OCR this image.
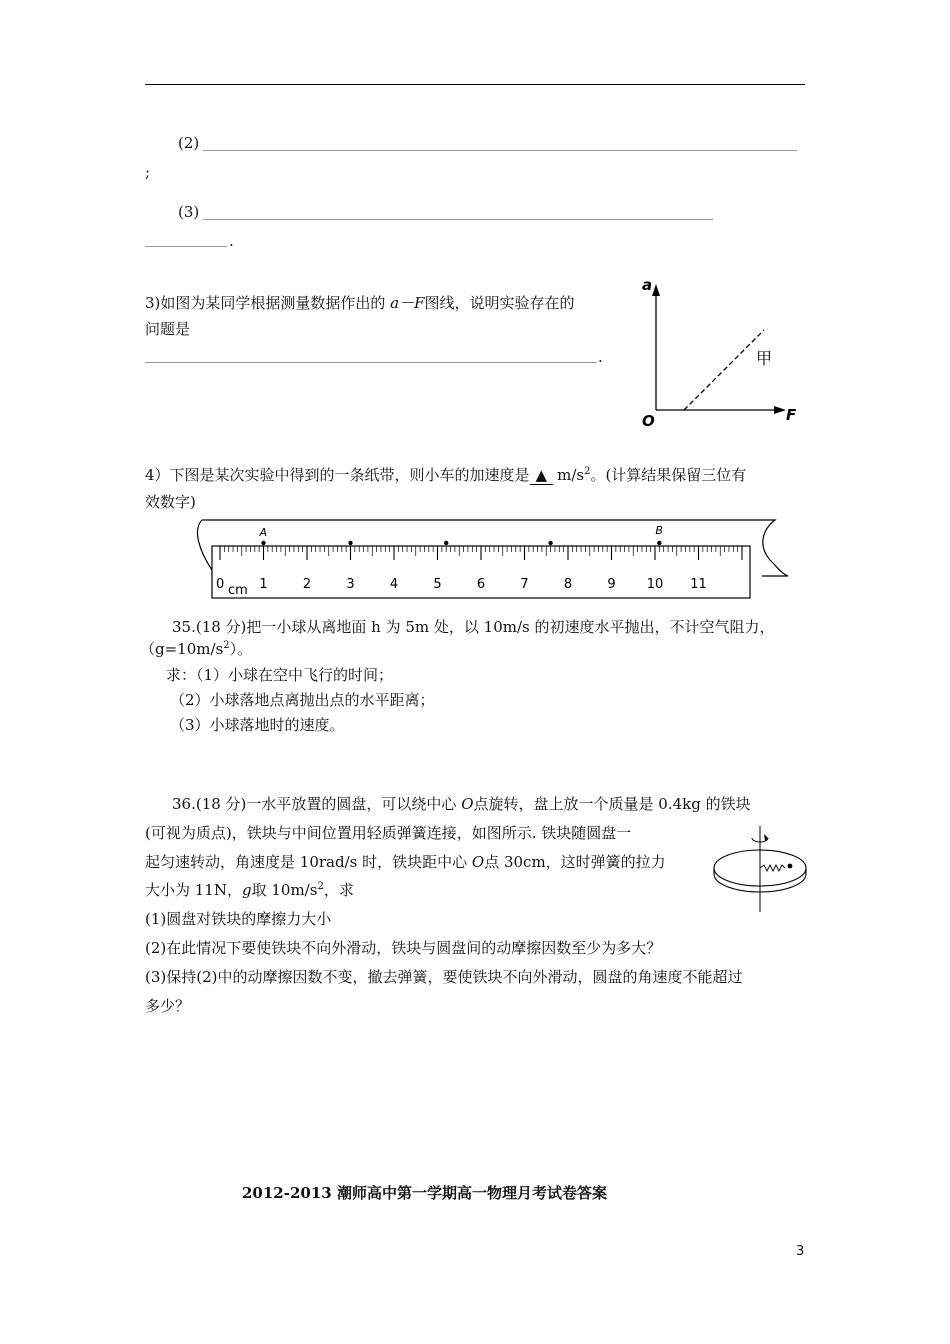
(2)
;
(3)
.
3)如图为某同学根据测量数据作出的 a－F图线，说明实验存在的
问题是
.
a
F
O
甲
4）下图是某次实验中得到的一条纸带，则小车的加速度是 ▲ $m/s^2$。(计算结果保留三位有
效数字)
0	1	2	3	4	5	6	7	8	9 10 11
A	B
cm
35.(18 分)把一小球从离地面 h 为 5m 处，以 10m/s 的初速度水平抛出，不计空气阻力，
$(g=10m/s^2)$。
求：（1）小球在空中飞行的时间；
（2）小球落地点离抛出点的水平距离；
（3）小球落地时的速度。
36.(18 分)一水平放置的圆盘，可以绕中心 O点旋转，盘上放一个质量是 0.4kg 的铁块
(可视为质点)，铁块与中间位置用轻质弹簧连接，如图所示. 铁块随圆盘一
起匀速转动，角速度是 10rad/s 时，铁块距中心 O点 30cm，这时弹簧的拉力
大小为 11N，g取 $10m/s^2$，求
(1)圆盘对铁块的摩擦力大小
(2)在此情况下要使铁块不向外滑动，铁块与圆盘间的动摩擦因数至少为多大？
(3)保持(2)中的动摩擦因数不变，撤去弹簧，要使铁块不向外滑动，圆盘的角速度不能超过
多少？
2012-2013 潮师高中第一学期高一物理月考试卷答案
3
